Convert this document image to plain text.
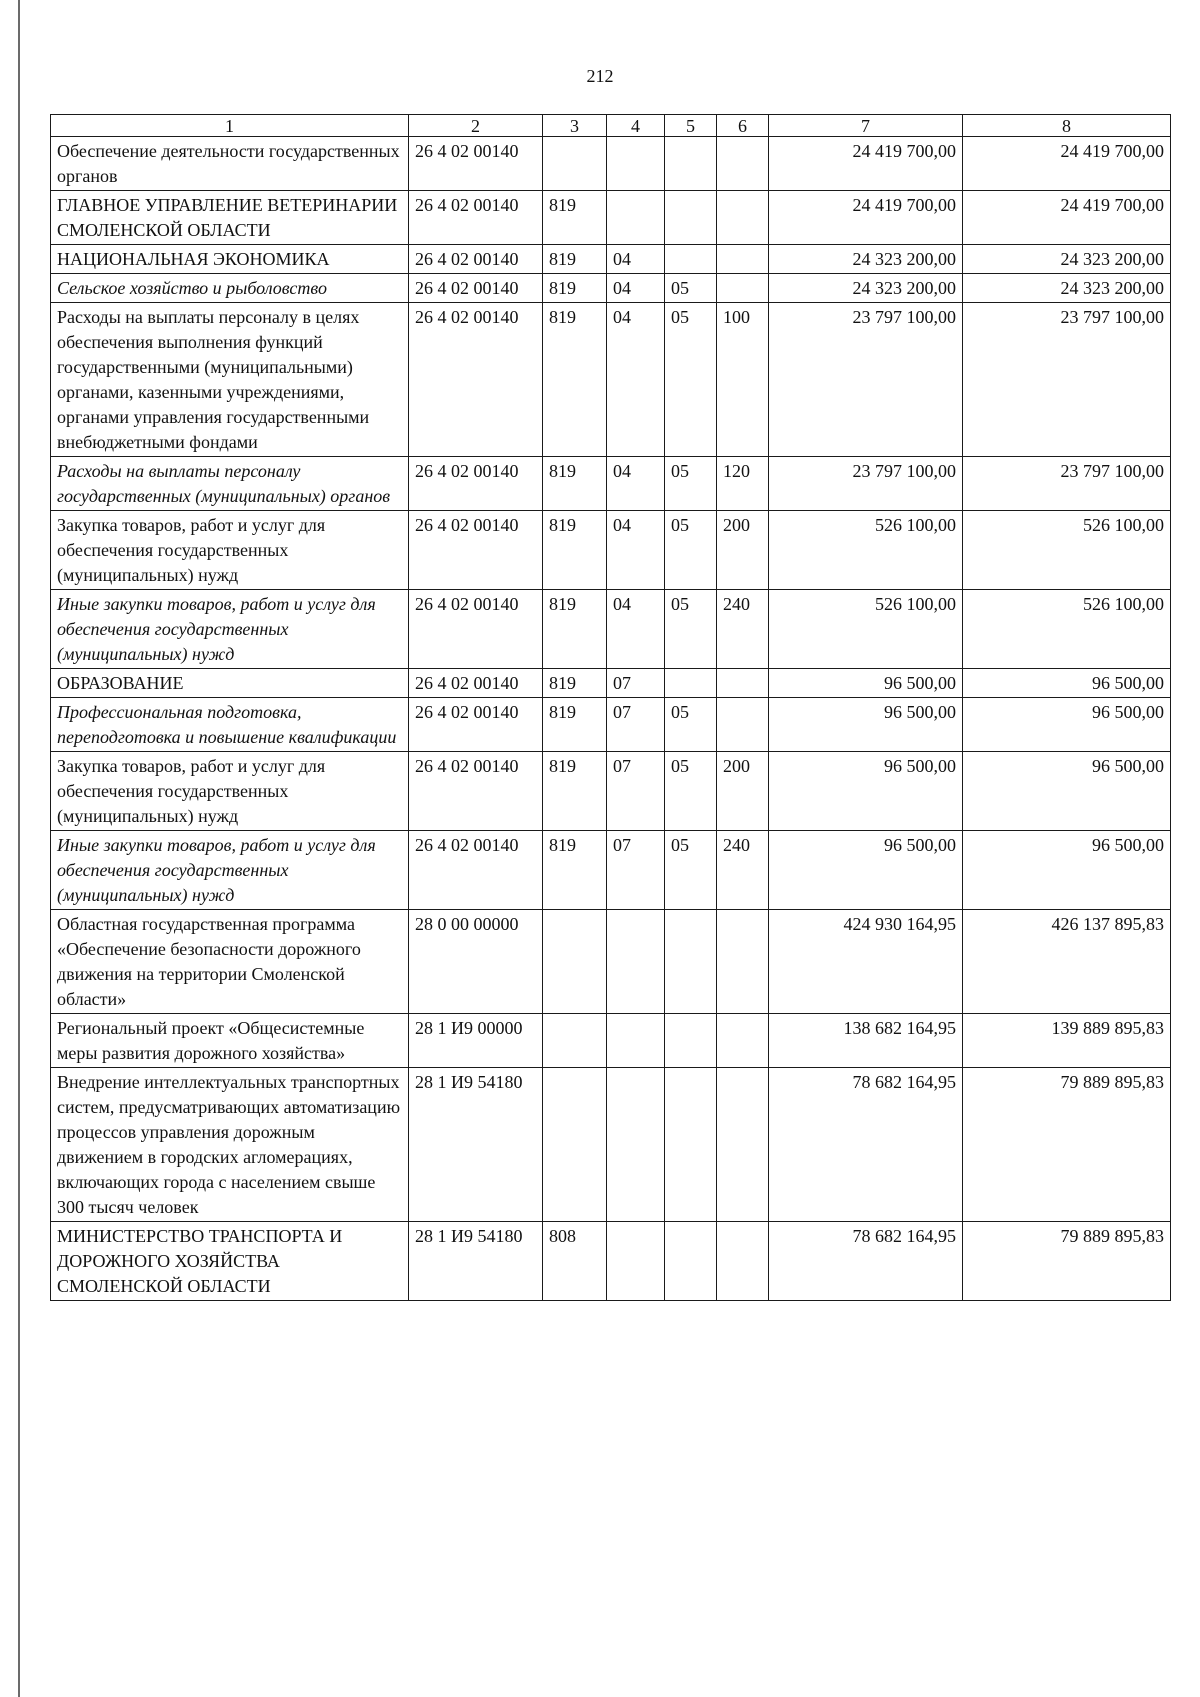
212
1	2	3	4	5	6	7	8
Обеспечение деятельности государственных органов	26 4 02 00140					24 419 700,00	24 419 700,00
ГЛАВНОЕ УПРАВЛЕНИЕ ВЕТЕРИНАРИИ СМОЛЕНСКОЙ ОБЛАСТИ	26 4 02 00140	819				24 419 700,00	24 419 700,00
НАЦИОНАЛЬНАЯ ЭКОНОМИКА	26 4 02 00140	819	04			24 323 200,00	24 323 200,00
Сельское хозяйство и рыболовство	26 4 02 00140	819	04	05		24 323 200,00	24 323 200,00
Расходы на выплаты персоналу в целях обеспечения выполнения функций государственными (муниципальными) органами, казенными учреждениями, органами управления государственными внебюджетными фондами	26 4 02 00140	819	04	05	100	23 797 100,00	23 797 100,00
Расходы на выплаты персоналу государственных (муниципальных) органов	26 4 02 00140	819	04	05	120	23 797 100,00	23 797 100,00
Закупка товаров, работ и услуг для обеспечения государственных (муниципальных) нужд	26 4 02 00140	819	04	05	200	526 100,00	526 100,00
Иные закупки товаров, работ и услуг для обеспечения государственных (муниципальных) нужд	26 4 02 00140	819	04	05	240	526 100,00	526 100,00
ОБРАЗОВАНИЕ	26 4 02 00140	819	07			96 500,00	96 500,00
Профессиональная подготовка, переподготовка и повышение квалификации	26 4 02 00140	819	07	05		96 500,00	96 500,00
Закупка товаров, работ и услуг для обеспечения государственных (муниципальных) нужд	26 4 02 00140	819	07	05	200	96 500,00	96 500,00
Иные закупки товаров, работ и услуг для обеспечения государственных (муниципальных) нужд	26 4 02 00140	819	07	05	240	96 500,00	96 500,00
Областная государственная программа «Обеспечение безопасности дорожного движения на территории Смоленской области»	28 0 00 00000					424 930 164,95	426 137 895,83
Региональный проект «Общесистемные меры развития дорожного хозяйства»	28 1 И9 00000					138 682 164,95	139 889 895,83
Внедрение интеллектуальных транспортных систем, предусматривающих автоматизацию процессов управления дорожным движением в городских агломерациях, включающих города с населением свыше 300 тысяч человек	28 1 И9 54180					78 682 164,95	79 889 895,83
МИНИСТЕРСТВО ТРАНСПОРТА И ДОРОЖНОГО ХОЗЯЙСТВА СМОЛЕНСКОЙ ОБЛАСТИ	28 1 И9 54180	808				78 682 164,95	79 889 895,83
